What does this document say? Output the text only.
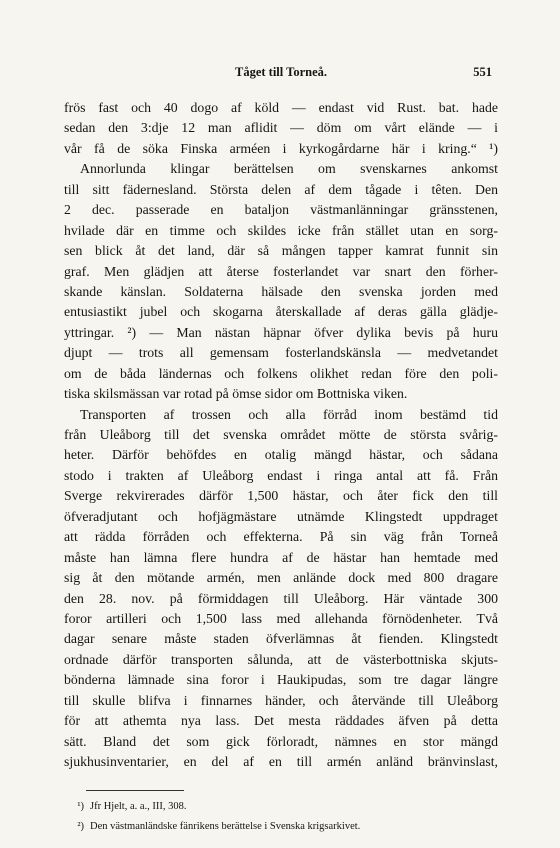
Tåget till Torneå.	551
frös fast och 40 dogo af köld — endast vid Rust. bat. hade
sedan den 3:dje 12 man aflidit — döm om vårt elände — i
vår få de söka Finska arméen i kyrkogårdarne här i kring.“ ¹)
Annorlunda klingar berättelsen om svenskarnes ankomst
till sitt fädernesland. Största delen af dem tågade i têten. Den
2 dec. passerade en bataljon västmanlänningar gränsstenen,
hvilade där en timme och skildes icke från stället utan en sorg-
sen blick åt det land, där så mången tapper kamrat funnit sin
graf. Men glädjen att återse fosterlandet var snart den förher-
skande känslan. Soldaterna hälsade den svenska jorden med
entusiastikt jubel och skogarna återskallade af deras gälla glädje-
yttringar. ²) — Man nästan häpnar öfver dylika bevis på huru
djupt — trots all gemensam fosterlandskänsla — medvetandet
om de båda ländernas och folkens olikhet redan före den poli-
tiska skilsmässan var rotad på ömse sidor om Bottniska viken.
Transporten af trossen och alla förråd inom bestämd tid
från Uleåborg till det svenska området mötte de största svårig-
heter. Därför behöfdes en otalig mängd hästar, och sådana
stodo i trakten af Uleåborg endast i ringa antal att få. Från
Sverge rekvirerades därför 1,500 hästar, och åter fick den till
öfveradjutant och hofjägmästare utnämde Klingstedt uppdraget
att rädda förråden och effekterna. På sin väg från Torneå
måste han lämna flere hundra af de hästar han hemtade med
sig åt den mötande armén, men anlände dock med 800 dragare
den 28. nov. på förmiddagen till Uleåborg. Här väntade 300
foror artilleri och 1,500 lass med allehanda förnödenheter. Två
dagar senare måste staden öfverlämnas åt fienden. Klingstedt
ordnade därför transporten sålunda, att de västerbottniska skjuts-
bönderna lämnade sina foror i Haukipudas, som tre dagar längre
till skulle blifva i finnarnes händer, och återvände till Uleåborg
för att athemta nya lass. Det mesta räddades äfven på detta
sätt. Bland det som gick förloradt, nämnes en stor mängd
sjukhusinventarier, en del af en till armén anländ bränvinslast,
¹) Jfr Hjelt, a. a., III, 308.
²) Den västmanländske fänrikens berättelse i Svenska krigsarkivet.
